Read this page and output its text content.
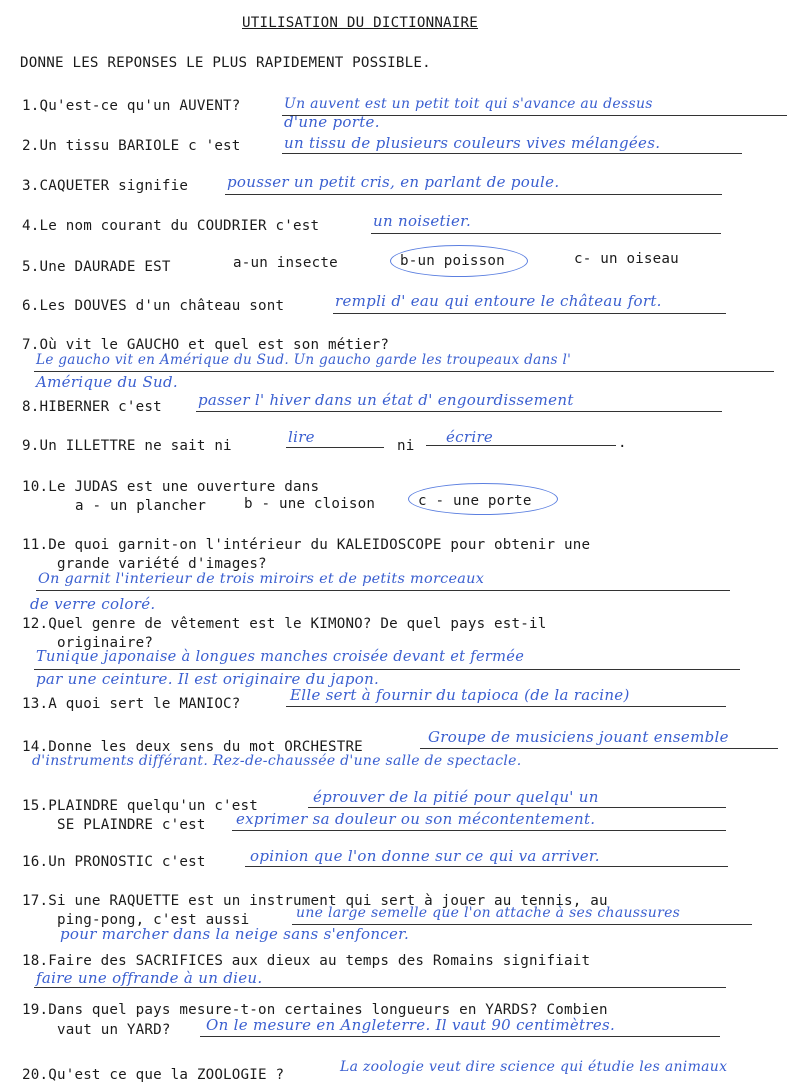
UTILISATION DU DICTIONNAIRE
DONNE LES REPONSES LE PLUS RAPIDEMENT POSSIBLE.
1.Qu'est-ce qu'un AUVENT?	Un auvent est un petit toit qui s'avance au dessus
d'une porte.
2.Un tissu BARIOLE c 'est	un tissu de plusieurs couleurs vives mélangées.
3.CAQUETER signifie	pousser un petit cris, en parlant de poule.
4.Le nom courant du COUDRIER c'est	un noisetier.
5.Une DAURADE EST	a-un insecte	b-un poisson	c- un oiseau
6.Les DOUVES d'un château sont	rempli d' eau qui entoure le château fort.
7.Où vit le GAUCHO et quel est son métier?
Le gaucho vit en Amérique du Sud. Un gaucho garde les troupeaux dans l'
Amérique du Sud.
8.HIBERNER c'est passer l' hiver dans un état d' engourdissement
9.Un ILLETTRE ne sait ni	lire	ni écrire	.
10.Le JUDAS est une ouverture dans
a - un plancher	b - une cloison	c - une porte
11.De quoi garnit-on l'intérieur du KALEIDOSCOPE pour obtenir une
grande variété d'images?
On garnit l'interieur de trois miroirs et de petits morceaux
de verre coloré.
12.Quel genre de vêtement est le KIMONO? De quel pays est-il
originaire?
Tunique japonaise à longues manches croisée devant et fermée
par une ceinture. Il est originaire du japon.
13.A quoi sert le MANIOC?	Elle sert à fournir du tapioca (de la racine)
14.Donne les deux sens du mot ORCHESTRE
Groupe de musiciens jouant ensemble
d'instruments différant. Rez-de-chaussée d'une salle de spectacle.
15.PLAINDRE quelqu'un c'est	éprouver de la pitié pour quelqu' un
SE PLAINDRE c'est exprimer sa douleur ou son mécontentement.
16.Un PRONOSTIC c'est	opinion que l'on donne sur ce qui va arriver.
17.Si une RAQUETTE est un instrument qui sert à jouer au tennis, au
ping-pong, c'est aussi	une large semelle que l'on attache à ses chaussures
pour marcher dans la neige sans s'enfoncer.
18.Faire des SACRIFICES aux dieux au temps des Romains signifiait
faire une offrande à un dieu.
19.Dans quel pays mesure-t-on certaines longueurs en YARDS? Combien
vaut un YARD? On le mesure en Angleterre. Il vaut 90 centimètres.
20.Qu'est ce que la ZOOLOGIE ?	La zoologie veut dire science qui étudie les animaux
